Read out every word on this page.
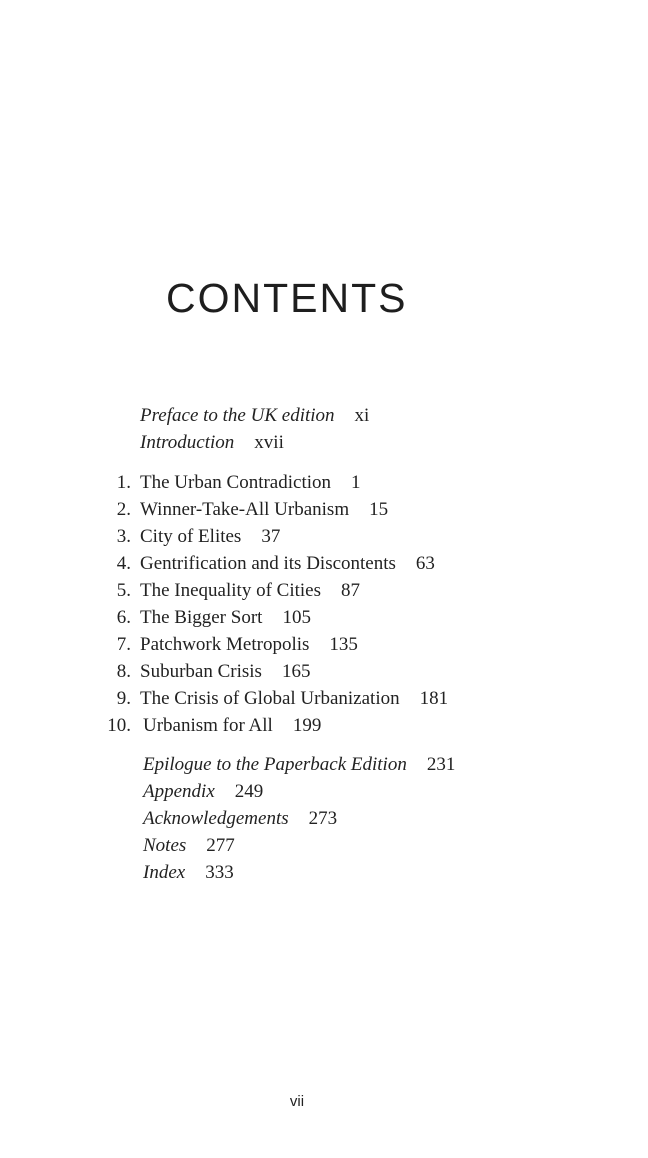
CONTENTS
Preface to the UK edition xi
Introduction xvii
1. The Urban Contradiction 1
2. Winner-Take-All Urbanism 15
3. City of Elites 37
4. Gentrification and its Discontents 63
5. The Inequality of Cities 87
6. The Bigger Sort 105
7. Patchwork Metropolis 135
8. Suburban Crisis 165
9. The Crisis of Global Urbanization 181
10. Urbanism for All 199
Epilogue to the Paperback Edition 231
Appendix 249
Acknowledgements 273
Notes 277
Index 333
vii
